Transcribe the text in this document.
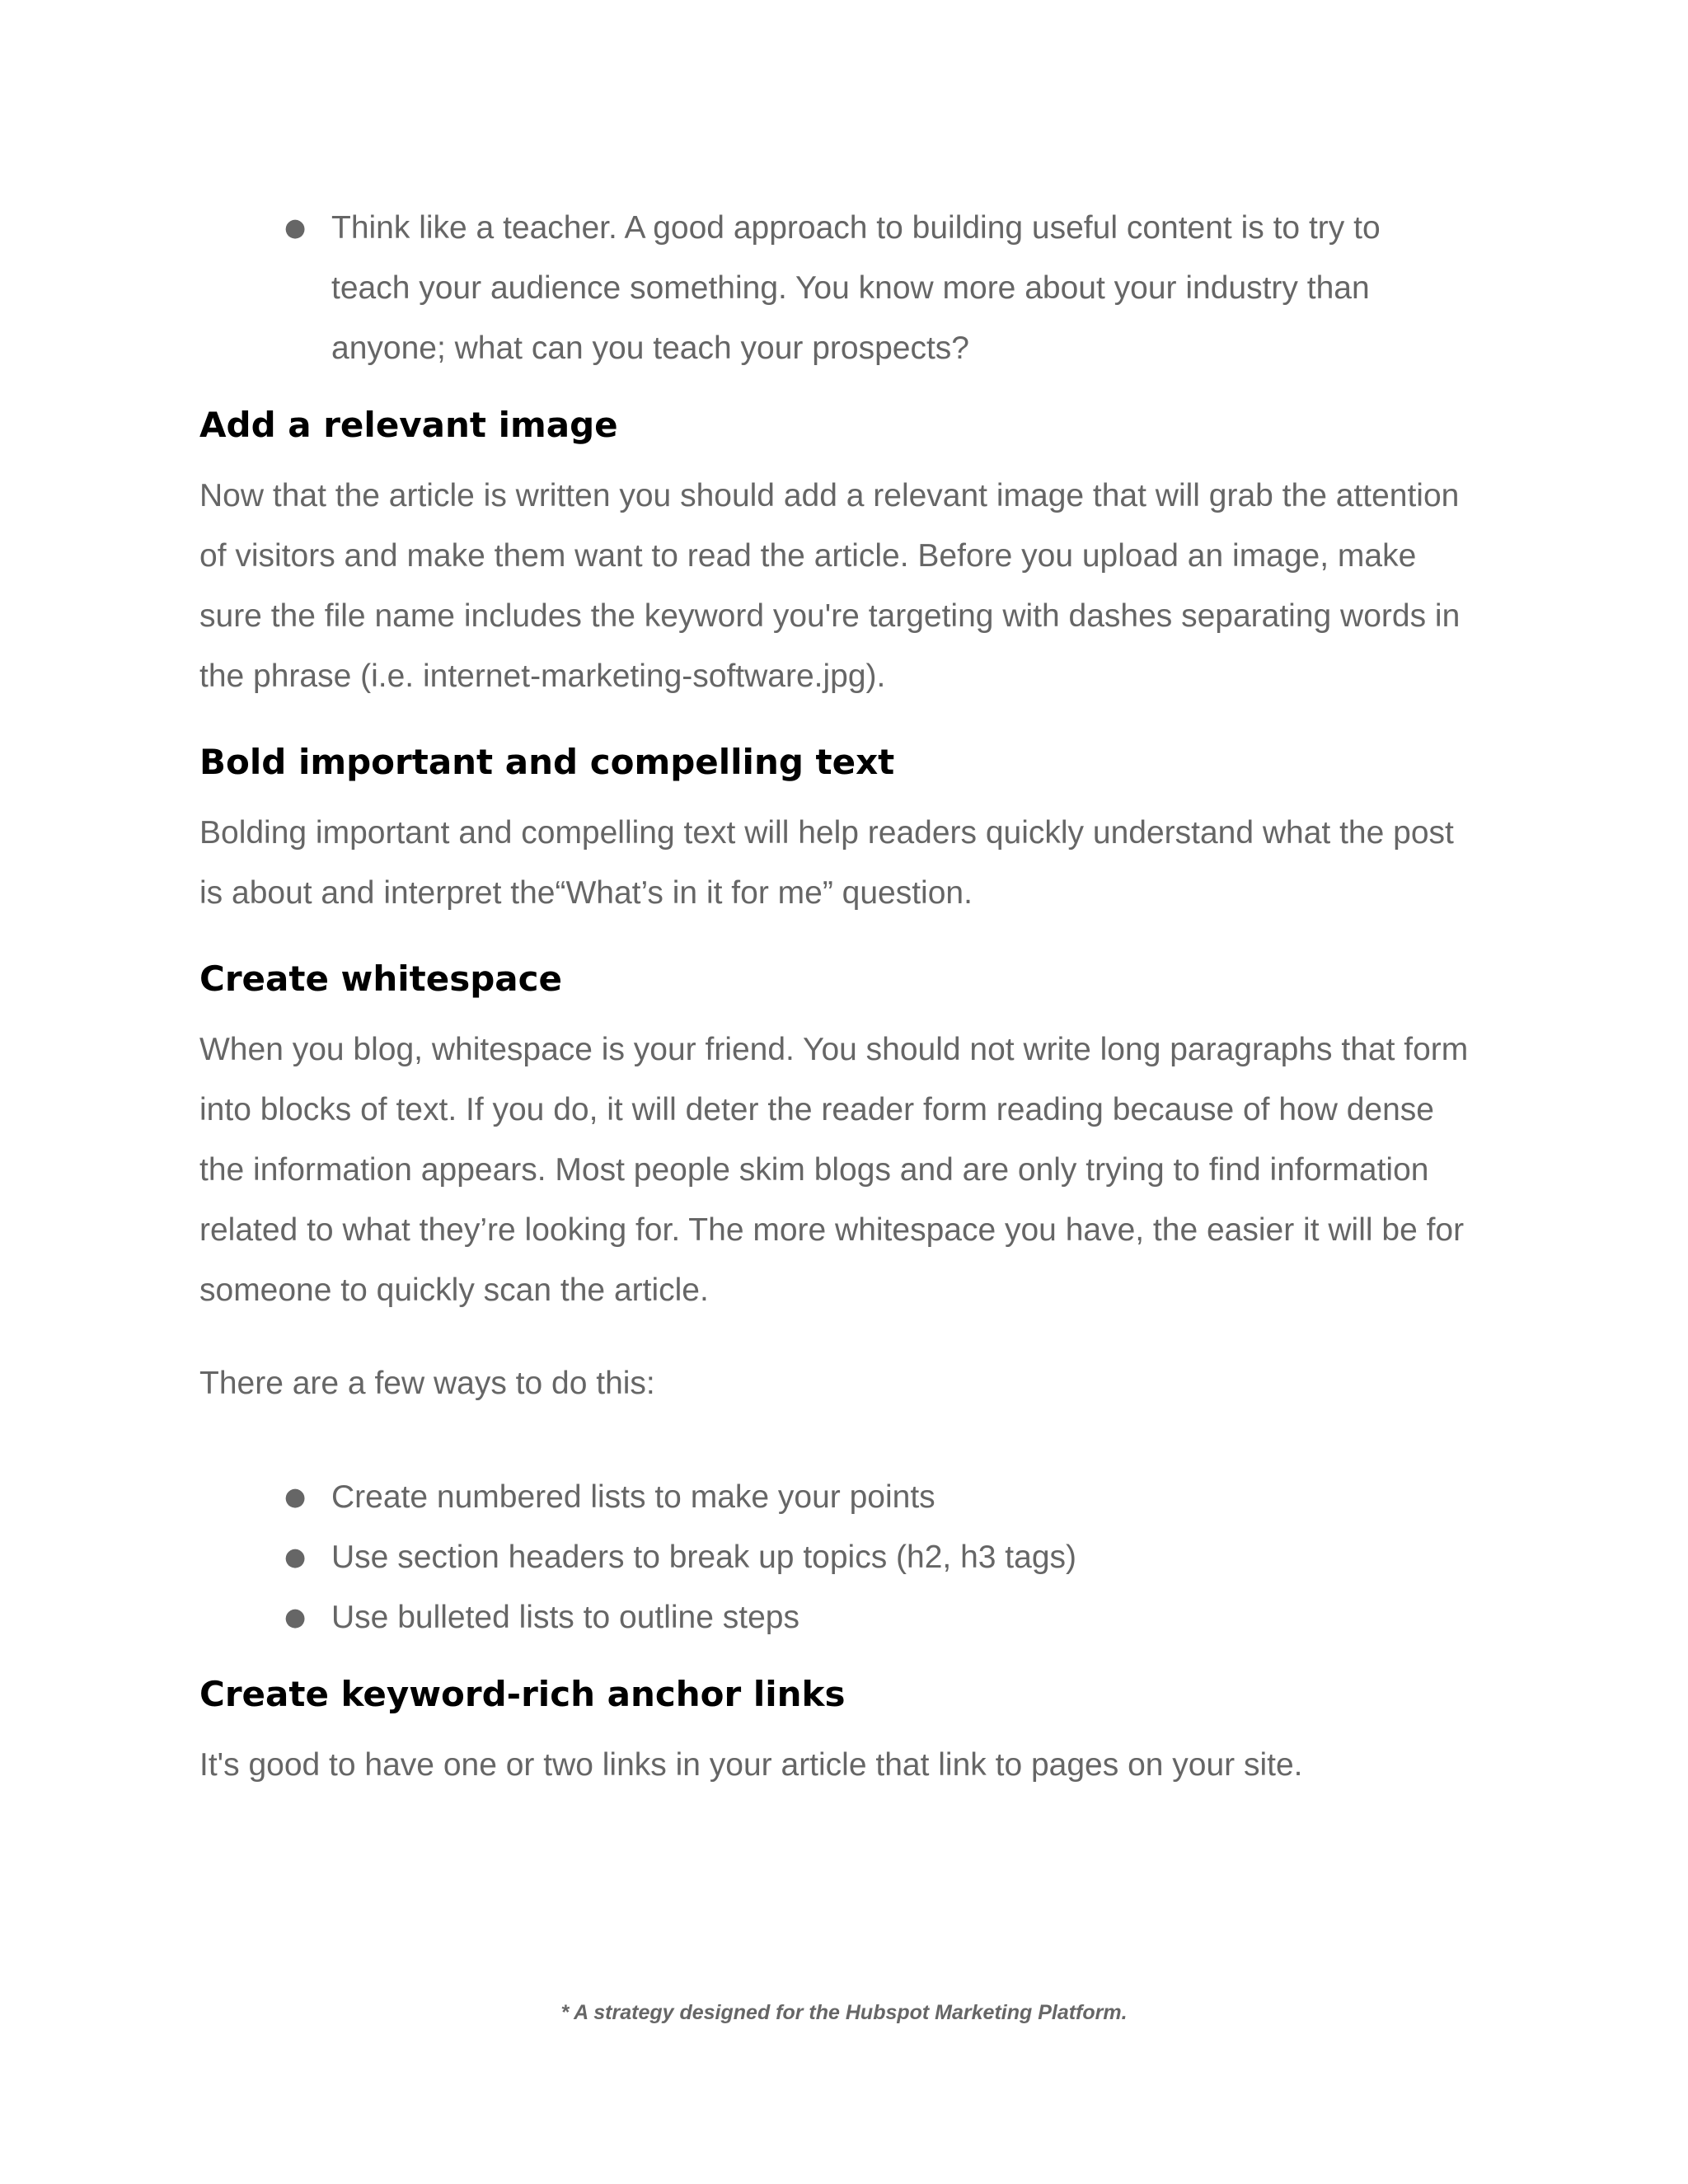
● Think like a teacher. A good approach to building useful content is to try to teach your audience something. You know more about your industry than anyone; what can you teach your prospects?

Add a relevant image

Now that the article is written you should add a relevant image that will grab the attention of visitors and make them want to read the article. Before you upload an image, make sure the file name includes the keyword you're targeting with dashes separating words in the phrase (i.e. internet-marketing-software.jpg).

Bold important and compelling text

Bolding important and compelling text will help readers quickly understand what the post is about and interpret the“What’s in it for me” question.

Create whitespace

When you blog, whitespace is your friend. You should not write long paragraphs that form into blocks of text. If you do, it will deter the reader form reading because of how dense the information appears. Most people skim blogs and are only trying to find information related to what they’re looking for. The more whitespace you have, the easier it will be for someone to quickly scan the article.

There are a few ways to do this:

● Create numbered lists to make your points

● Use section headers to break up topics (h2, h3 tags)

● Use bulleted lists to outline steps

Create keyword-rich anchor links

It's good to have one or two links in your article that link to pages on your site.

* A strategy designed for the Hubspot Marketing Platform.
